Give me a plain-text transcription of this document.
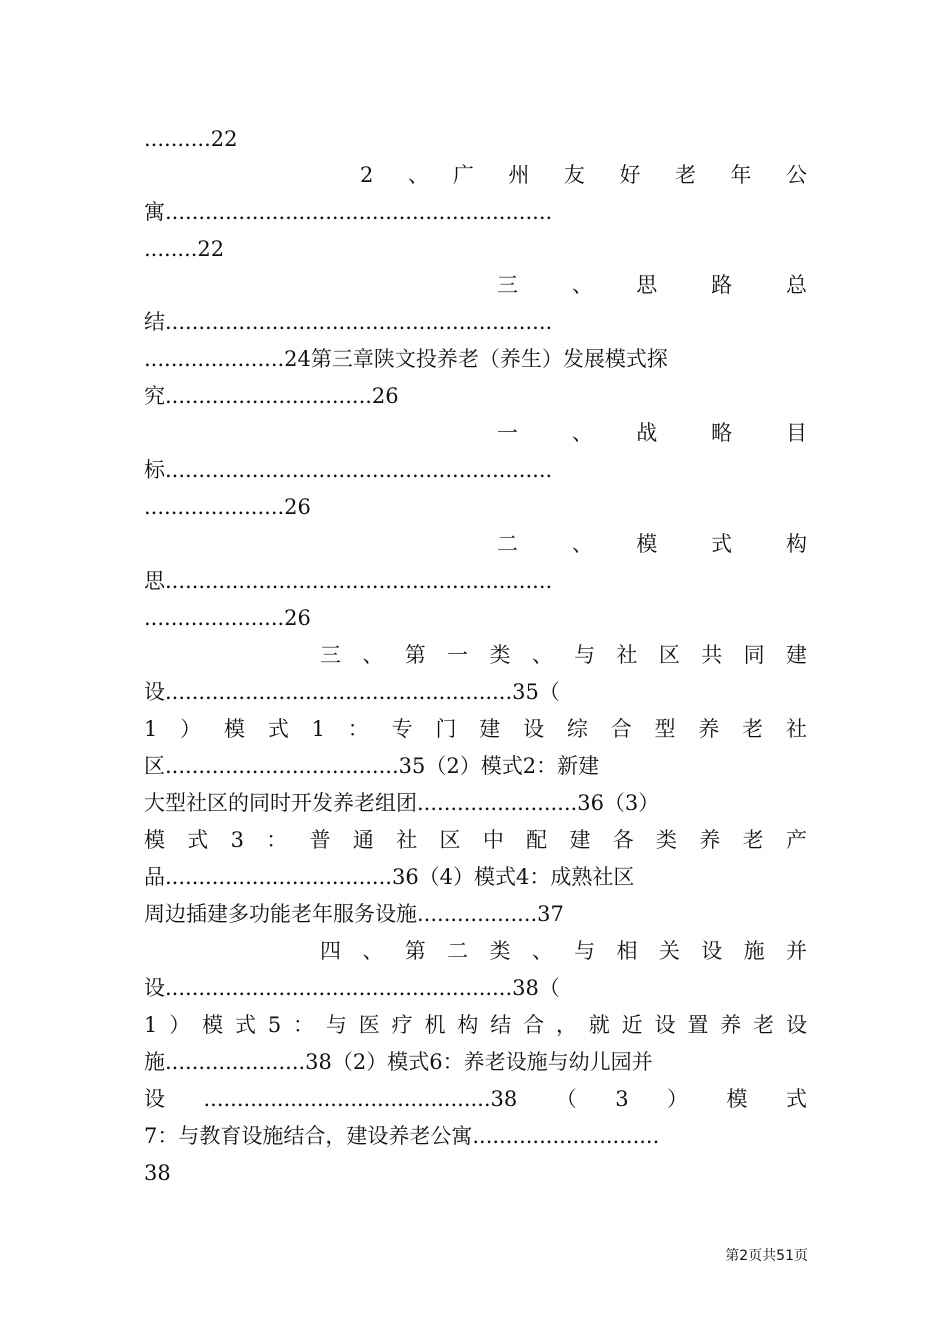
..........22
2　、　广　州　友　好　老　年　公
寓..........................................................
........22
三　、　思　路　总
结..........................................................
.....................24第三章陕文投养老（养生）发展模式探
究...............................26
一　、　战　略　目
标..........................................................
.....................26
二　、　模　式　构
思..........................................................
.....................26
三、第一类、与社区共同建
设....................................................35（
1）模式1：专门建设综合型养老社
区...................................35（2）模式2：新建
大型社区的同时开发养老组团........................36（3）
模式3：普通社区中配建各类养老产
品..................................36（4）模式4：成熟社区
周边插建多功能老年服务设施..................37
四、第二类、与相关设施并
设....................................................38（
1）模式5：与医疗机构结合，就近设置养老设
施.....................38（2）模式6：养老设施与幼儿园并
设...........................................38（3）模式
7：与教育设施结合，建设养老公寓............................
38
第2页共51页
